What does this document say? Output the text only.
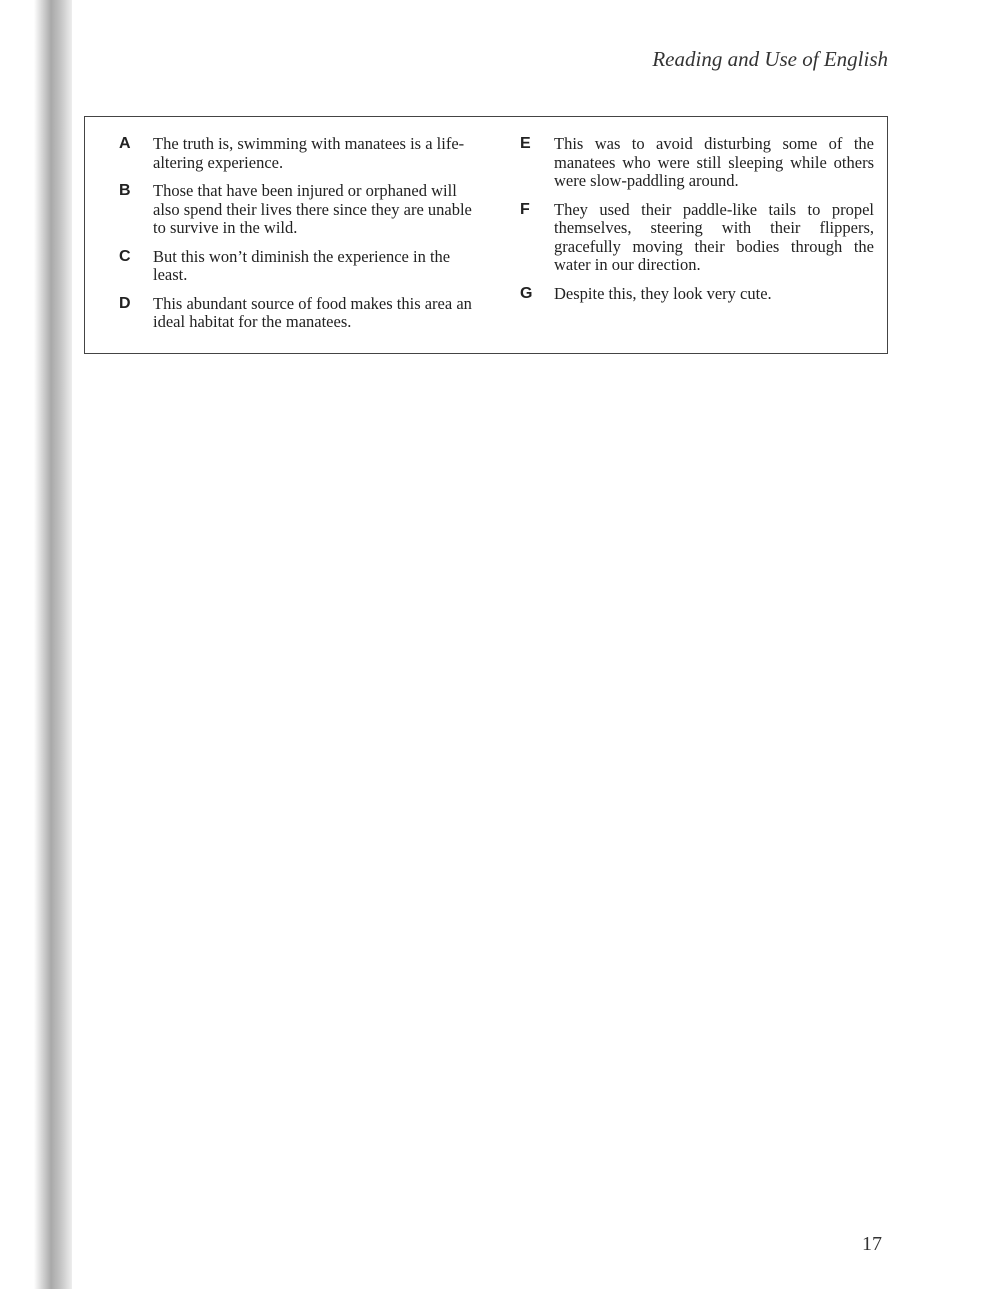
Reading and Use of English
A	The truth is, swimming with manatees is a life-altering experience.
B	Those that have been injured or orphaned will also spend their lives there since they are unable to survive in the wild.
C	But this won’t diminish the experience in the least.
D	This abundant source of food makes this area an ideal habitat for the manatees.
E	This was to avoid disturbing some of the manatees who were still sleeping while others were slow-paddling around.
F	They used their paddle-like tails to propel themselves, steering with their flippers, gracefully moving their bodies through the water in our direction.
G	Despite this, they look very cute.
17
